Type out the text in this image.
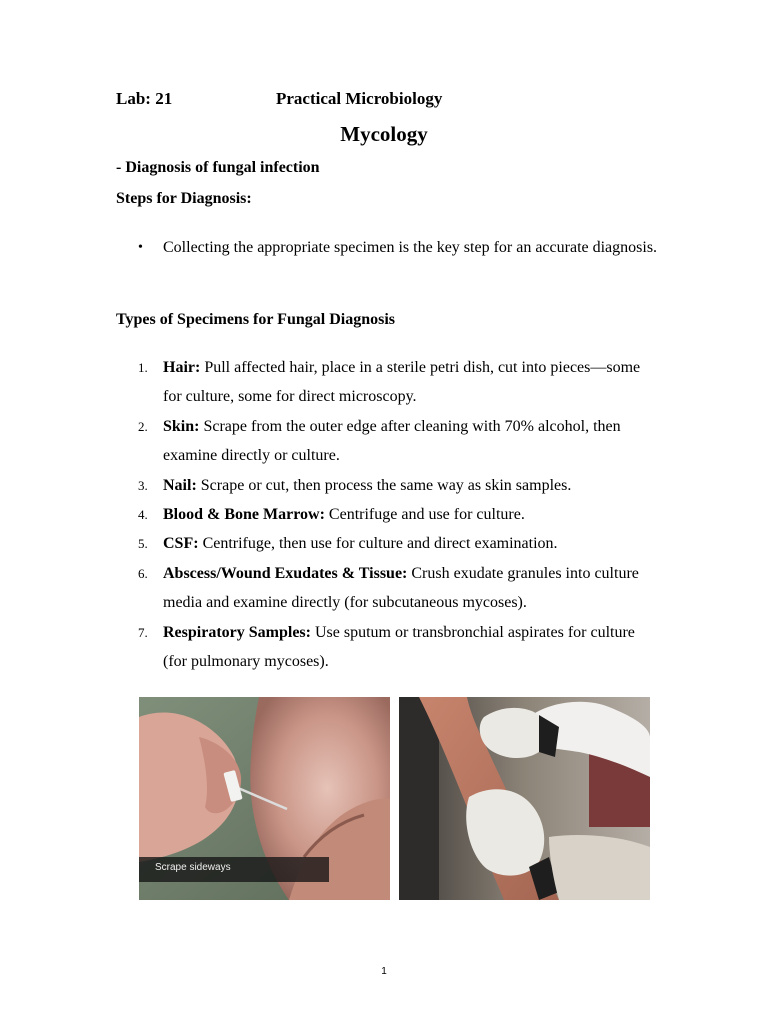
Lab: 21	Practical Microbiology
Mycology
- Diagnosis of fungal infection
Steps for Diagnosis:
• Collecting the appropriate specimen is the key step for an accurate diagnosis.
Types of Specimens for Fungal Diagnosis
1. Hair: Pull affected hair, place in a sterile petri dish, cut into pieces—some for culture, some for direct microscopy.
2. Skin: Scrape from the outer edge after cleaning with 70% alcohol, then examine directly or culture.
3. Nail: Scrape or cut, then process the same way as skin samples.
4. Blood & Bone Marrow: Centrifuge and use for culture.
5. CSF: Centrifuge, then use for culture and direct examination.
6. Abscess/Wound Exudates & Tissue: Crush exudate granules into culture media and examine directly (for subcutaneous mycoses).
7. Respiratory Samples: Use sputum or transbronchial aspirates for culture (for pulmonary mycoses).
Scrape sideways
1
